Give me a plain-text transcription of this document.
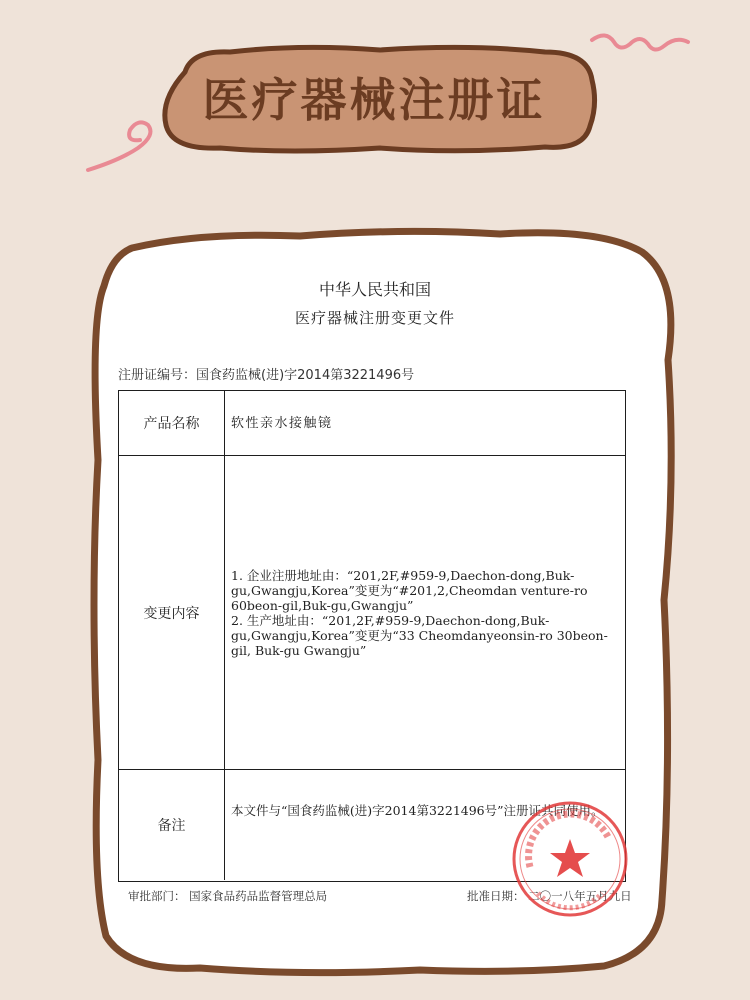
医疗器械注册证
中华人民共和国
医疗器械注册变更文件
注册证编号：国食药监械(进)字2014第3221496号
产品名称	软性亲水接触镜
变更内容

1. 企业注册地址由：“201,2F,#959-9,Daechon-dong,Buk-gu,Gwangju,Korea”变更为“#201,2,Cheomdan venture-ro 60beon-gil,Buk-gu,Gwangju”

2. 生产地址由：“201,2F,#959-9,Daechon-dong,Buk-gu,Gwangju,Korea”变更为“33 Cheomdanyeonsin-ro 30beon-gil, Buk-gu Gwangju”

备注
本文件与“国食药监械(进)字2014第3221496号”注册证共同使用。
审批部门： 国家食品药品监督管理总局	批准日期： 二〇一八年五月九日
